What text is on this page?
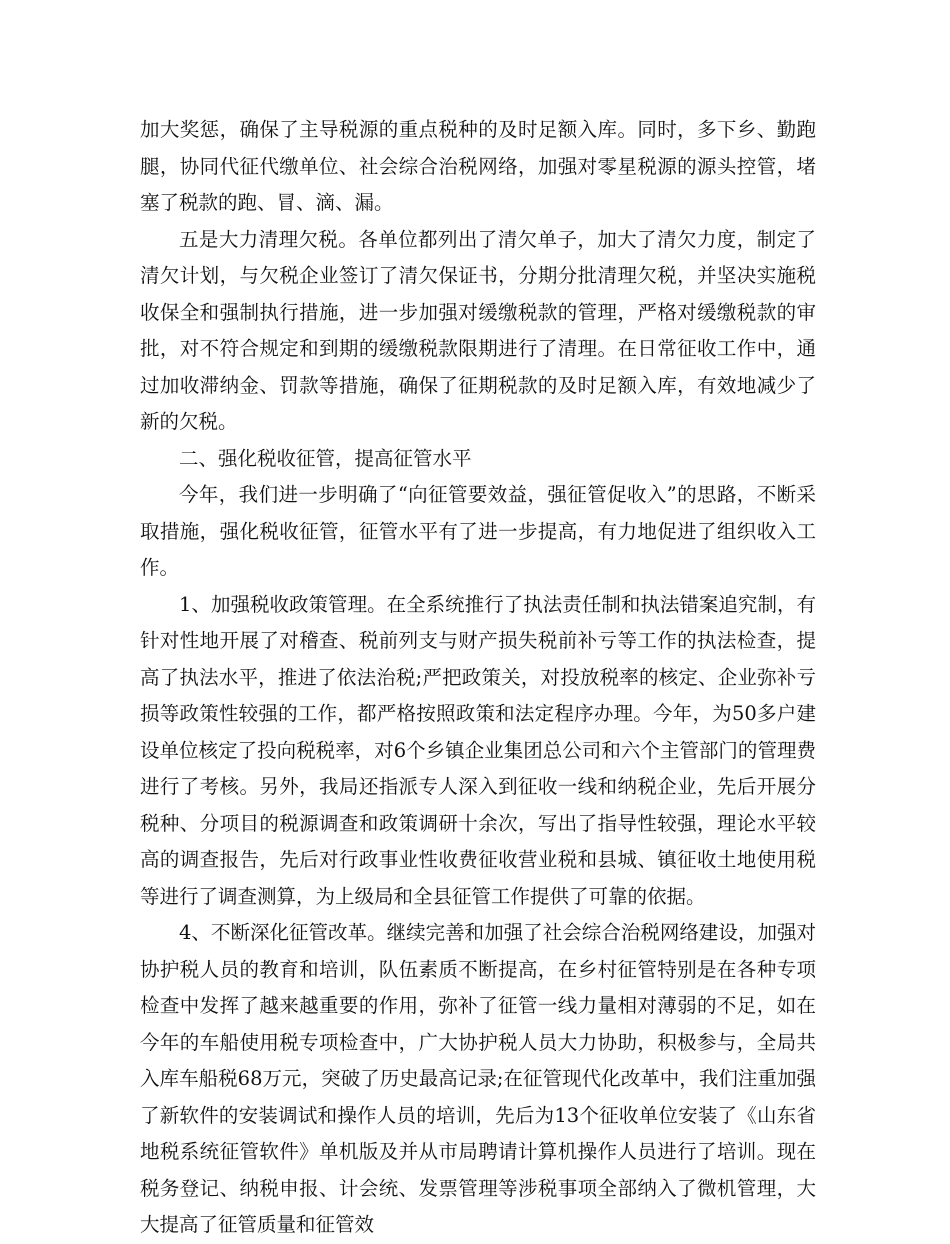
加大奖惩，确保了主导税源的重点税种的及时足额入库。同时，多下乡、勤跑腿，协同代征代缴单位、社会综合治税网络，加强对零星税源的源头控管，堵塞了税款的跑、冒、滴、漏。

五是大力清理欠税。各单位都列出了清欠单子，加大了清欠力度，制定了清欠计划，与欠税企业签订了清欠保证书，分期分批清理欠税，并坚决实施税收保全和强制执行措施，进一步加强对缓缴税款的管理，严格对缓缴税款的审批，对不符合规定和到期的缓缴税款限期进行了清理。在日常征收工作中，通过加收滞纳金、罚款等措施，确保了征期税款的及时足额入库，有效地减少了新的欠税。

二、强化税收征管，提高征管水平

今年，我们进一步明确了“向征管要效益，强征管促收入”的思路，不断采取措施，强化税收征管，征管水平有了进一步提高，有力地促进了组织收入工作。

1、加强税收政策管理。在全系统推行了执法责任制和执法错案追究制，有针对性地开展了对稽查、税前列支与财产损失税前补亏等工作的执法检查，提高了执法水平，推进了依法治税;严把政策关，对投放税率的核定、企业弥补亏损等政策性较强的工作，都严格按照政策和法定程序办理。今年，为50多户建设单位核定了投向税税率，对6个乡镇企业集团总公司和六个主管部门的管理费进行了考核。另外，我局还指派专人深入到征收一线和纳税企业，先后开展分税种、分项目的税源调查和政策调研十余次，写出了指导性较强，理论水平较高的调查报告，先后对行政事业性收费征收营业税和县城、镇征收土地使用税等进行了调查测算，为上级局和全县征管工作提供了可靠的依据。

4、不断深化征管改革。继续完善和加强了社会综合治税网络建设，加强对协护税人员的教育和培训，队伍素质不断提高，在乡村征管特别是在各种专项检查中发挥了越来越重要的作用，弥补了征管一线力量相对薄弱的不足，如在今年的车船使用税专项检查中，广大协护税人员大力协助，积极参与，全局共入库车船税68万元，突破了历史最高记录;在征管现代化改革中，我们注重加强了新软件的安装调试和操作人员的培训，先后为13个征收单位安装了《山东省地税系统征管软件》单机版及并从市局聘请计算机操作人员进行了培训。现在税务登记、纳税申报、计会统、发票管理等涉税事项全部纳入了微机管理，大大提高了征管质量和征管效
